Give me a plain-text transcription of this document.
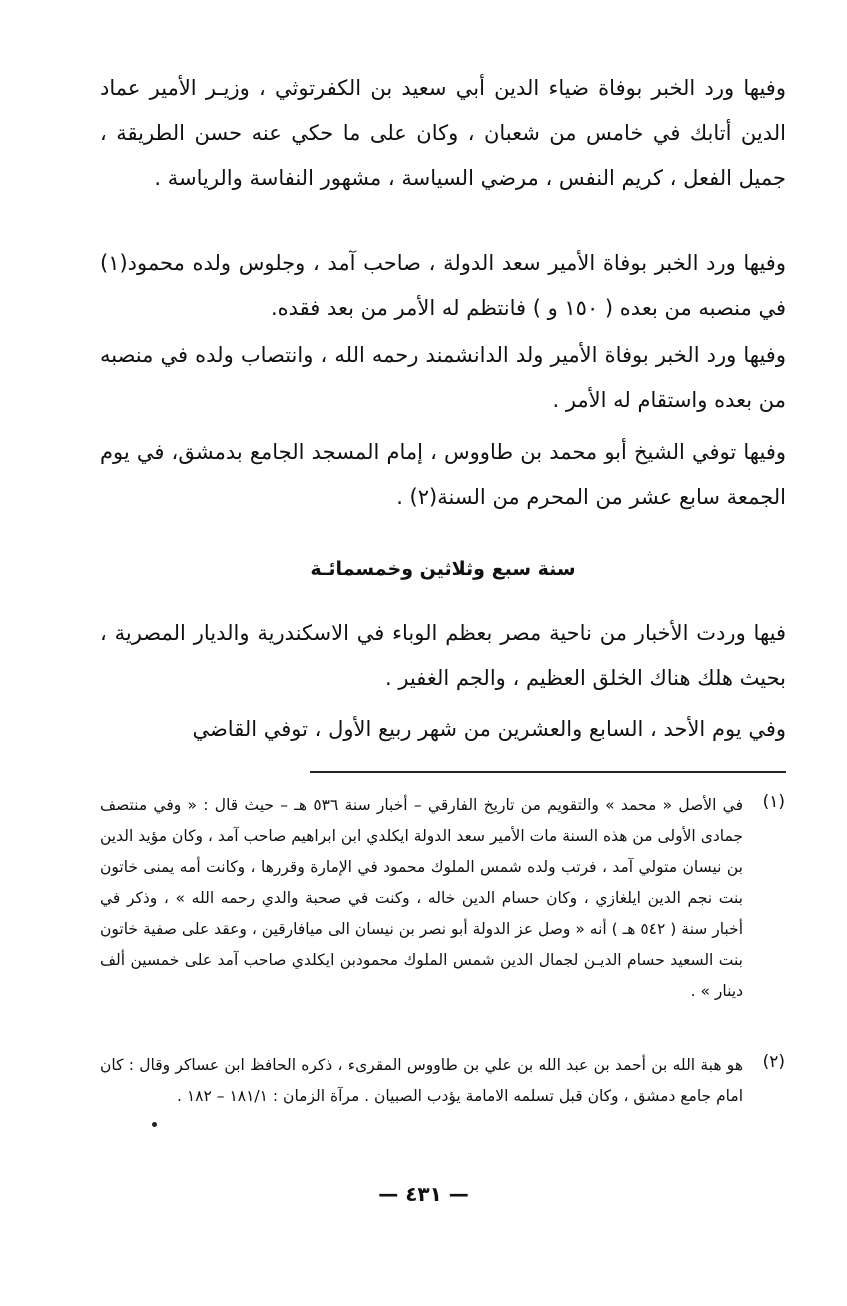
وفيها ورد الخبر بوفاة ضياء الدين أبي سعيد بن الكفرتوثي ، وزيـر الأمير عماد الدين أتابك في خامس من شعبان ، وكان على ما حكي عنه حسن الطريقة ، جميل الفعل ، كريم النفس ، مرضي السياسة ، مشهور النفاسة والرياسة .

وفيها ورد الخبر بوفاة الأمير سعد الدولة ، صاحب آمد ، وجلوس ولده محمود(١) في منصبه من بعده ( ١٥٠ و ) فانتظم له الأمر من بعد فقده.

وفيها ورد الخبر بوفاة الأمير ولد الدانشمند رحمه الله ، وانتصاب ولده في منصبه من بعده واستقام له الأمر .

وفيها توفي الشيخ أبو محمد بن طاووس ، إمام المسجد الجامع بدمشق، في يوم الجمعة سابع عشر من المحرم من السنة(٢) .

سنة سبع وثلاثين وخمسمائـة

فيها وردت الأخبار من ناحية مصر بعظم الوباء في الاسكندرية والديار المصرية ، بحيث هلك هناك الخلق العظيم ، والجم الغفير .

وفي يوم الأحد ، السابع والعشرين من شهر ربيع الأول ، توفي القاضي

(١)

في الأصل « محمد » والتقويم من تاريخ الفارقي – أخبار سنة ٥٣٦ هـ – حيث قال : « وفي منتصف جمادى الأولى من هذه السنة مات الأمير سعد الدولة ايكلدي ابن ابراهيم صاحب آمد ، وكان مؤيد الدين بن نيسان متولي آمد ، فرتب ولده شمس الملوك محمود في الإمارة وقررها ، وكانت أمه يمنى خاتون بنت نجم الدين ايلغازي ، وكان حسام الدين خاله ، وكنت في صحبة والدي رحمه الله » ، وذكر في أخبار سنة ( ٥٤٢ هـ ) أنه « وصل عز الدولة أبو نصر بن نيسان الى ميافارقين ، وعقد على صفية خاتون بنت السعيد حسام الديـن لجمال الدين شمس الملوك محمودبن ايكلدي صاحب آمد على خمسين ألف دينار » .

(٢)

هو هبة الله بن أحمد بن عبد الله بن علي بن طاووس المقرىء ، ذكره الحافظ ابن عساكر وقال : كان امام جامع دمشق ، وكان قبل تسلمه الامامة يؤدب الصبيان . مرآة الزمان : ١٨١/١ – ١٨٢ .

— ٤٣١ —
